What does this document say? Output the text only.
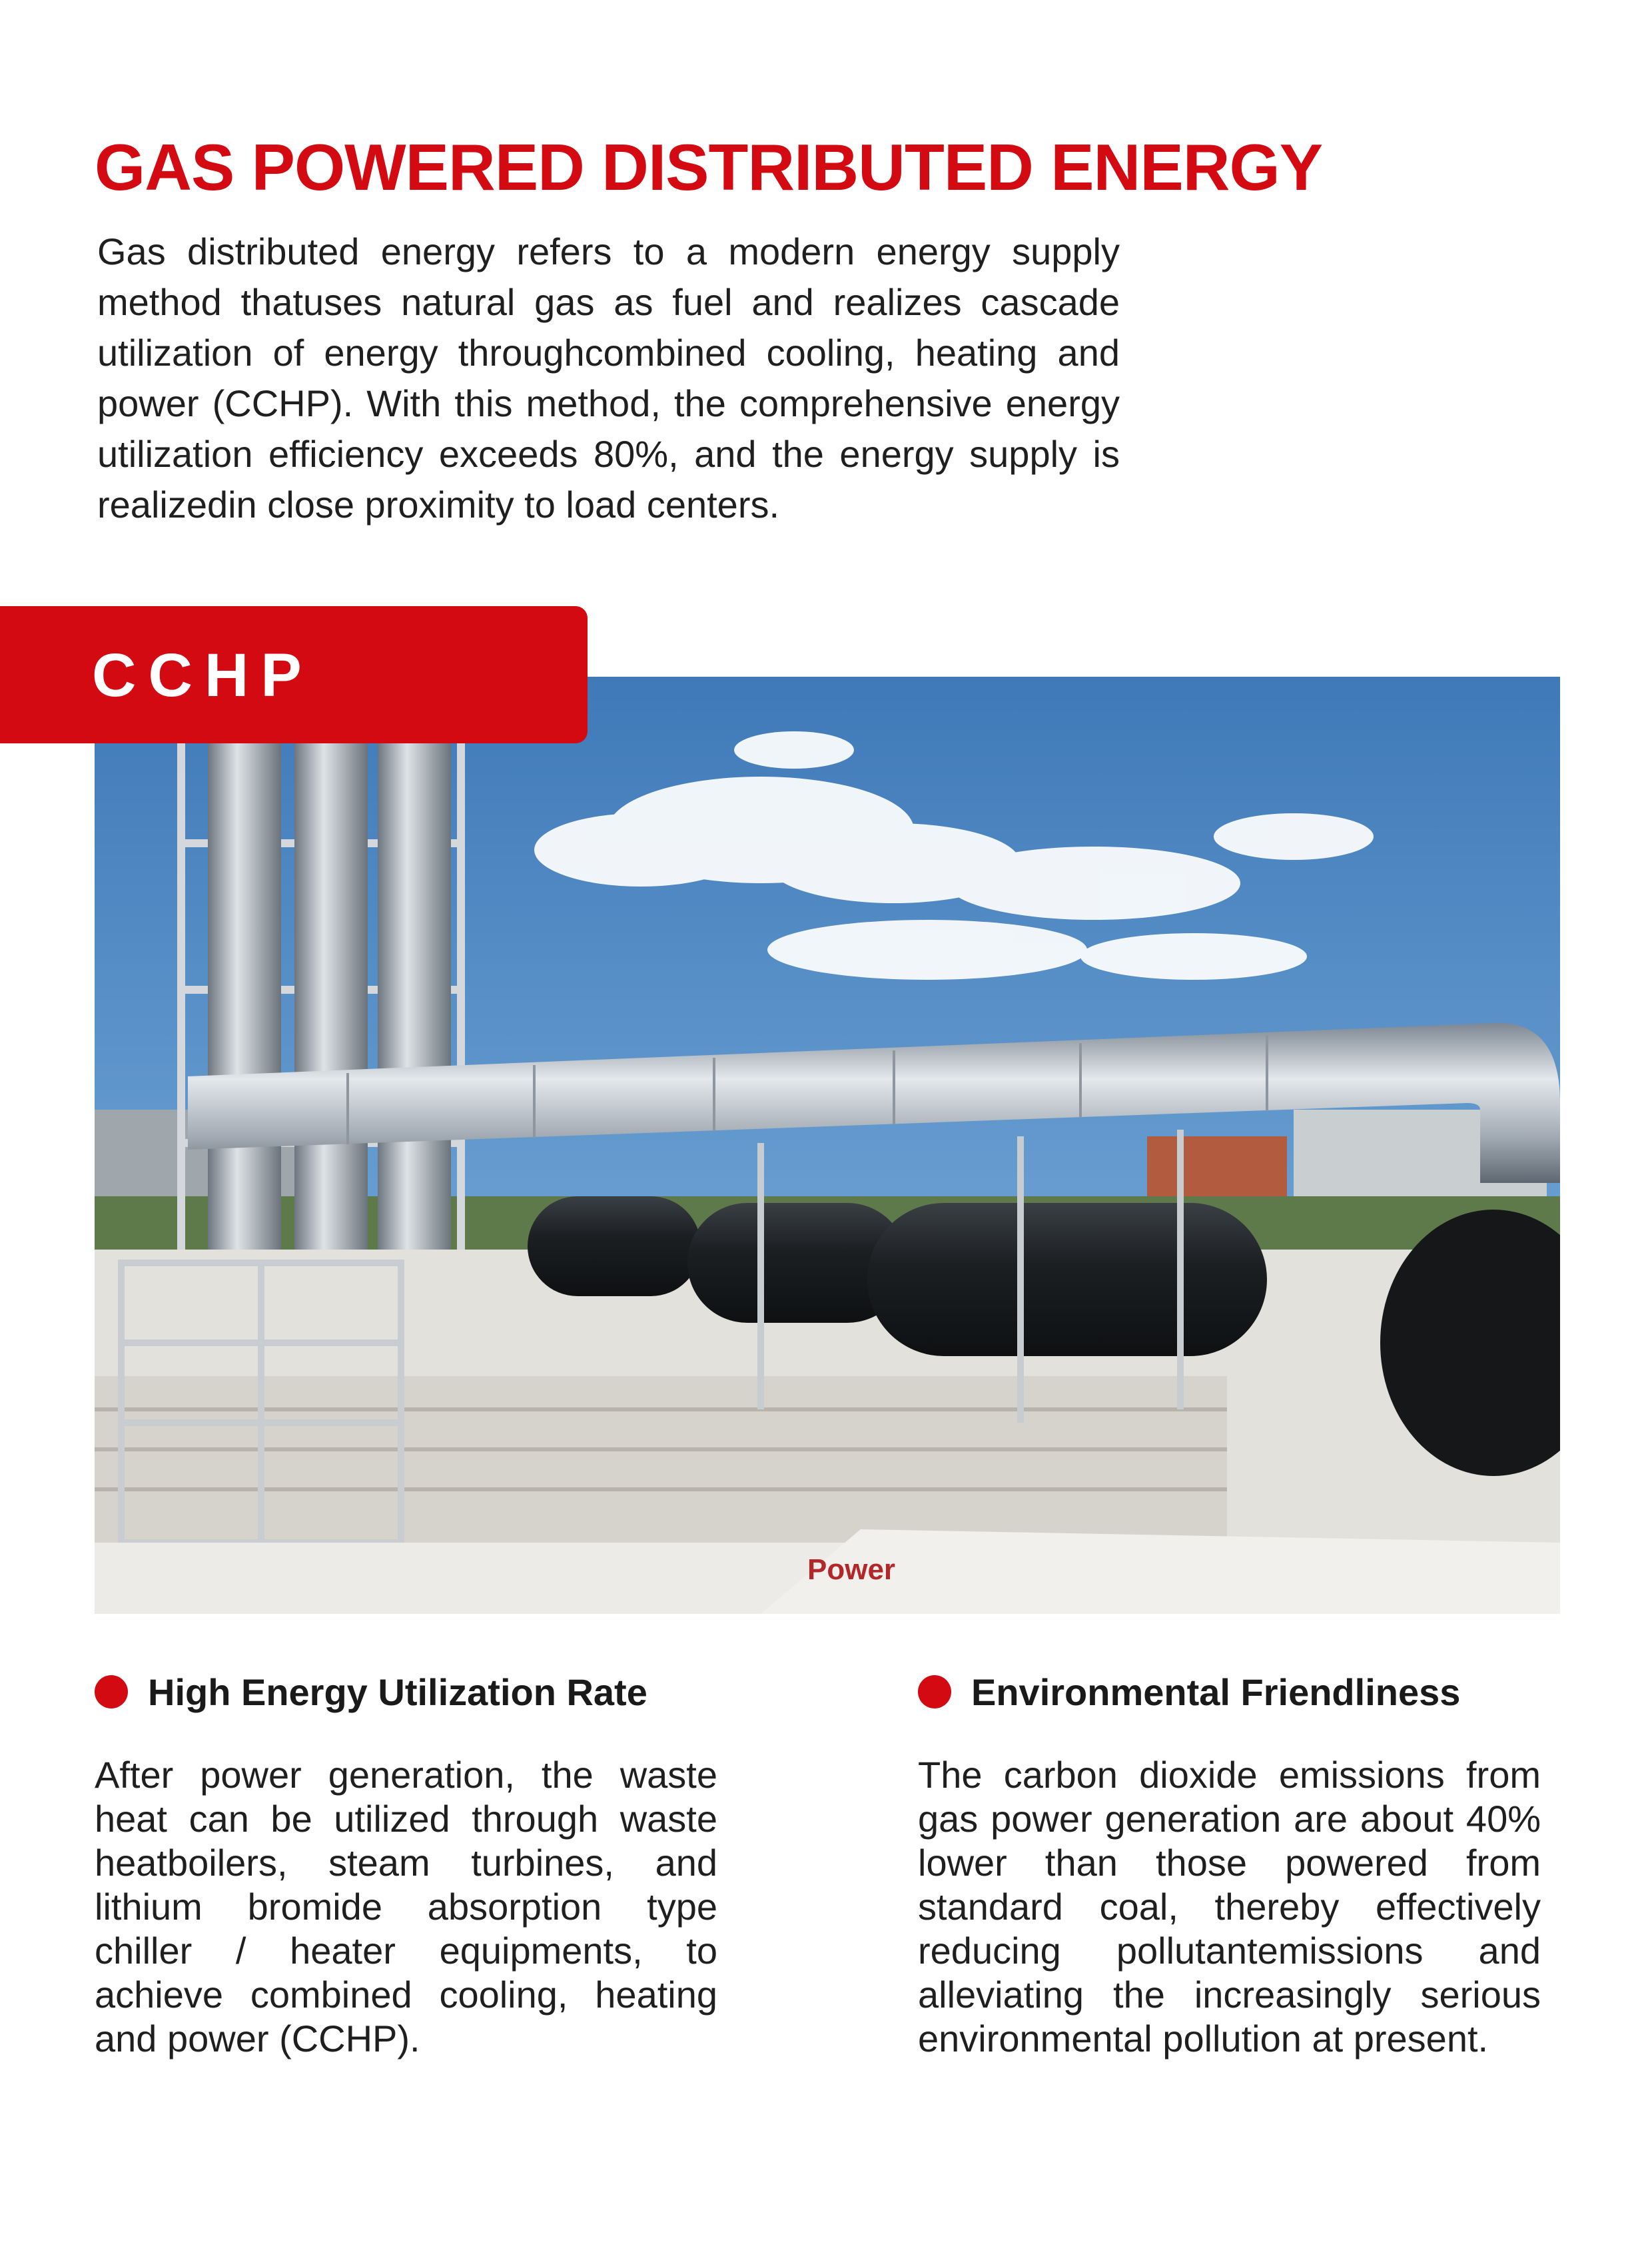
GAS POWERED DISTRIBUTED ENERGY
Gas distributed energy refers to a modern energy supply method thatuses natural gas as fuel and realizes cascade utilization of energy throughcombined cooling, heating and power (CCHP). With this method, the comprehensive energy utilization efficiency exceeds 80%, and the energy supply is realizedin close proximity to load centers.
CCHP
Power
High Energy Utilization Rate
After power generation, the waste heat can be utilized through waste heatboilers, steam turbines, and lithium bromide absorption type chiller / heater equipments, to achieve combined cooling, heating and power (CCHP).
Environmental Friendliness
The carbon dioxide emissions from gas power generation are about 40% lower than those powered from standard coal, thereby effectively reducing pollutantemissions and alleviating the increasingly serious environmental pollution at present.
